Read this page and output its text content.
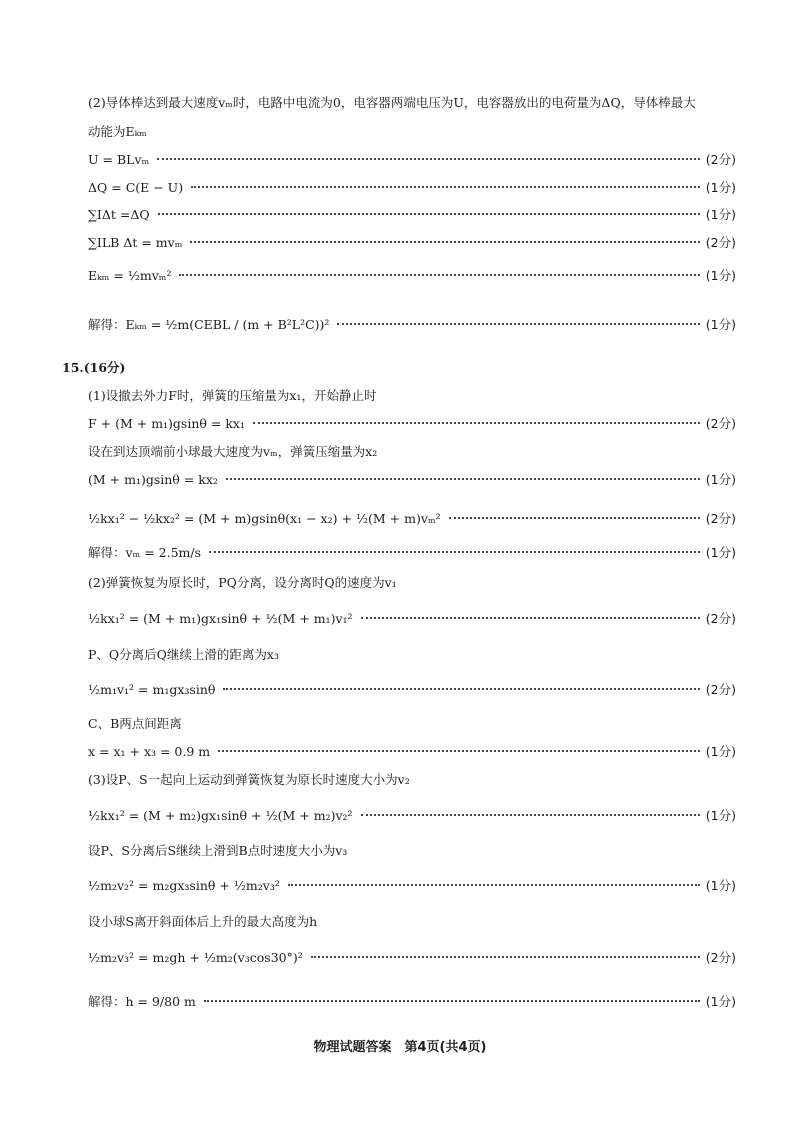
(2)导体棒达到最大速度vₘ时，电路中电流为0，电容器两端电压为U，电容器放出的电荷量为ΔQ，导体棒最大
动能为Eₖₘ
U = BLvₘ	(2分)
ΔQ = C(E − U)	(1分)
∑IΔt =ΔQ	(1分)
∑ILB Δt = mvₘ	(2分)
Eₖₘ = ½mvₘ²	(1分)
解得：Eₖₘ = ½m(CEBL / (m + B²L²C))²	(1分)
15.(16分)
(1)设撤去外力F时，弹簧的压缩量为x₁，开始静止时
F + (M + m₁)gsinθ = kx₁	(2分)
设在到达顶端前小球最大速度为vₘ，弹簧压缩量为x₂
(M + m₁)gsinθ = kx₂	(1分)
½kx₁² − ½kx₂² = (M + m)gsinθ(x₁ − x₂) + ½(M + m)vₘ²	(2分)
解得：vₘ = 2.5m/s	(1分)
(2)弹簧恢复为原长时，PQ分离，设分离时Q的速度为v₁
½kx₁² = (M + m₁)gx₁sinθ + ½(M + m₁)v₁²	(2分)
P、Q分离后Q继续上滑的距离为x₃
½m₁v₁² = m₁gx₃sinθ	(2分)
C、B两点间距离
x = x₁ + x₃ = 0.9 m	(1分)
(3)设P、S一起向上运动到弹簧恢复为原长时速度大小为v₂
½kx₁² = (M + m₂)gx₁sinθ + ½(M + m₂)v₂²	(1分)
设P、S分离后S继续上滑到B点时速度大小为v₃
½m₂v₂² = m₂gx₃sinθ + ½m₂v₃²	(1分)
设小球S离开斜面体后上升的最大高度为h
½m₂v₃² = m₂gh + ½m₂(v₃cos30°)²	(2分)
解得：h = 9/80 m	(1分)
物理试题答案　第4页(共4页)
